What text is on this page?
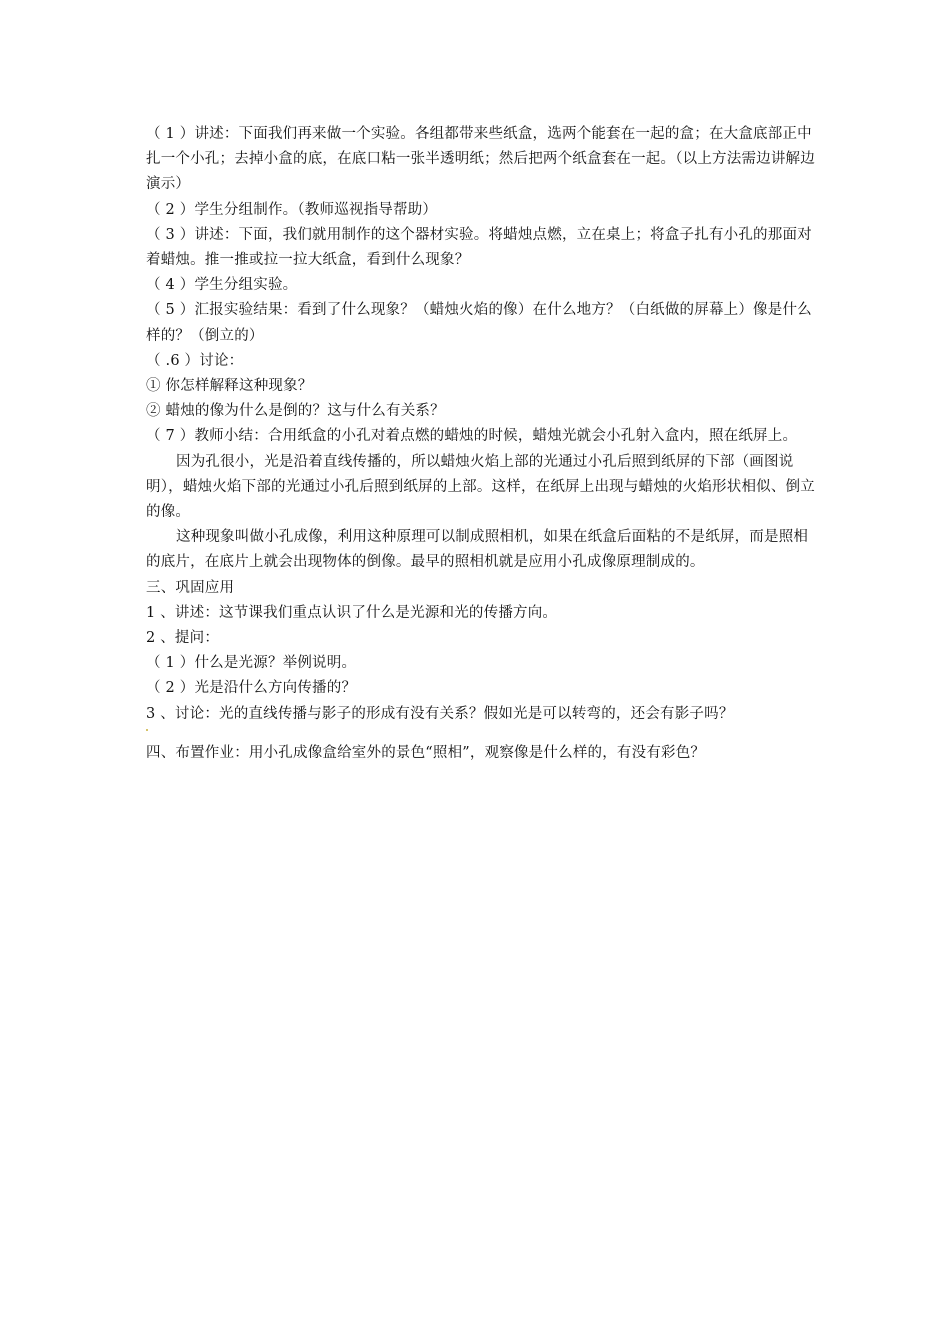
（ 1 ）讲述：下面我们再来做一个实验。各组都带来些纸盒，选两个能套在一起的盒；在大盒底部正中扎一个小孔；去掉小盒的底，在底口粘一张半透明纸；然后把两个纸盒套在一起。（以上方法需边讲解边演示）
（ 2 ）学生分组制作。（教师巡视指导帮助）
（ 3 ）讲述：下面，我们就用制作的这个器材实验。将蜡烛点燃，立在桌上；将盒子扎有小孔的那面对着蜡烛。推一推或拉一拉大纸盒，看到什么现象？
（ 4 ）学生分组实验。
（ 5 ）汇报实验结果：看到了什么现象？（蜡烛火焰的像）在什么地方？（白纸做的屏幕上）像是什么样的？（倒立的）
（ .6 ）讨论：
① 你怎样解释这种现象？
② 蜡烛的像为什么是倒的？这与什么有关系？
（ 7 ）教师小结：合用纸盒的小孔对着点燃的蜡烛的时候，蜡烛光就会小孔射入盒内，照在纸屏上。
因为孔很小，光是沿着直线传播的，所以蜡烛火焰上部的光通过小孔后照到纸屏的下部（画图说明），蜡烛火焰下部的光通过小孔后照到纸屏的上部。这样，在纸屏上出现与蜡烛的火焰形状相似、倒立的像。
这种现象叫做小孔成像，利用这种原理可以制成照相机，如果在纸盒后面粘的不是纸屏，而是照相的底片，在底片上就会出现物体的倒像。最早的照相机就是应用小孔成像原理制成的。
三、巩固应用
1 、讲述：这节课我们重点认识了什么是光源和光的传播方向。
2 、提问：
（ 1 ）什么是光源？举例说明。
（ 2 ）光是沿什么方向传播的？
3 、讨论：光的直线传播与影子的形成有没有关系？假如光是可以转弯的，还会有影子吗？
四、布置作业：用小孔成像盒给室外的景色“照相”，观察像是什么样的，有没有彩色？
